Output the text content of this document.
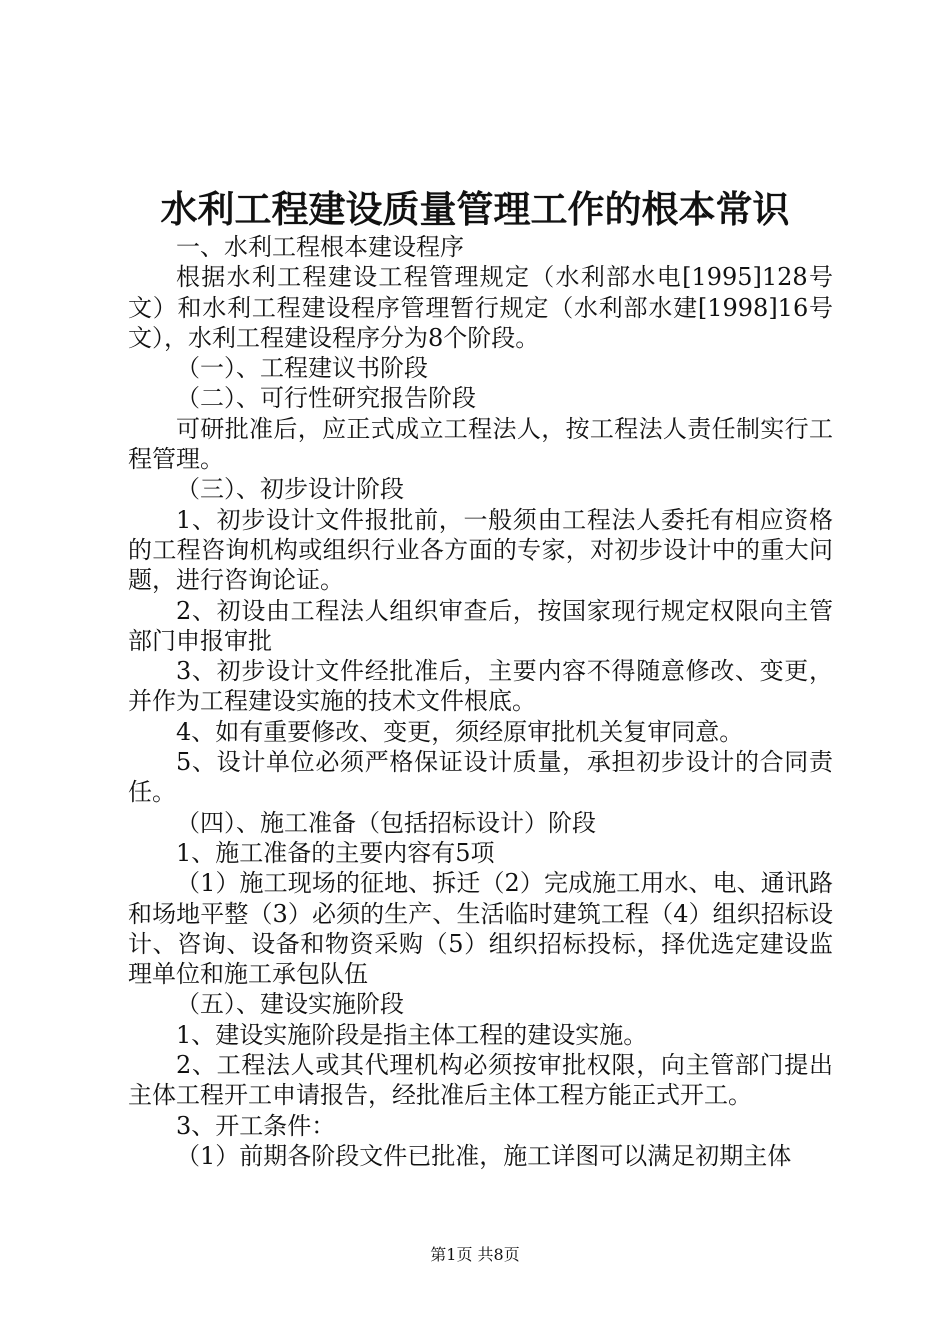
水利工程建设质量管理工作的根本常识

一、水利工程根本建设程序

根据水利工程建设工程管理规定（水利部水电[1995]128号文）和水利工程建设程序管理暂行规定（水利部水建[1998]16号文），水利工程建设程序分为8个阶段。

（一）、工程建议书阶段

（二）、可行性研究报告阶段

可研批准后，应正式成立工程法人，按工程法人责任制实行工程管理。

（三）、初步设计阶段

1、初步设计文件报批前，一般须由工程法人委托有相应资格的工程咨询机构或组织行业各方面的专家，对初步设计中的重大问题，进行咨询论证。

2、初设由工程法人组织审查后，按国家现行规定权限向主管部门申报审批

3、初步设计文件经批准后，主要内容不得随意修改、变更，并作为工程建设实施的技术文件根底。

4、如有重要修改、变更，须经原审批机关复审同意。

5、设计单位必须严格保证设计质量，承担初步设计的合同责任。

（四）、施工准备（包括招标设计）阶段

1、施工准备的主要内容有5项

（1）施工现场的征地、拆迁（2）完成施工用水、电、通讯路和场地平整（3）必须的生产、生活临时建筑工程（4）组织招标设计、咨询、设备和物资采购（5）组织招标投标，择优选定建设监理单位和施工承包队伍

（五）、建设实施阶段

1、建设实施阶段是指主体工程的建设实施。

2、工程法人或其代理机构必须按审批权限，向主管部门提出主体工程开工申请报告，经批准后主体工程方能正式开工。

3、开工条件：

（1）前期各阶段文件已批准，施工详图可以满足初期主体

第1页 共8页
